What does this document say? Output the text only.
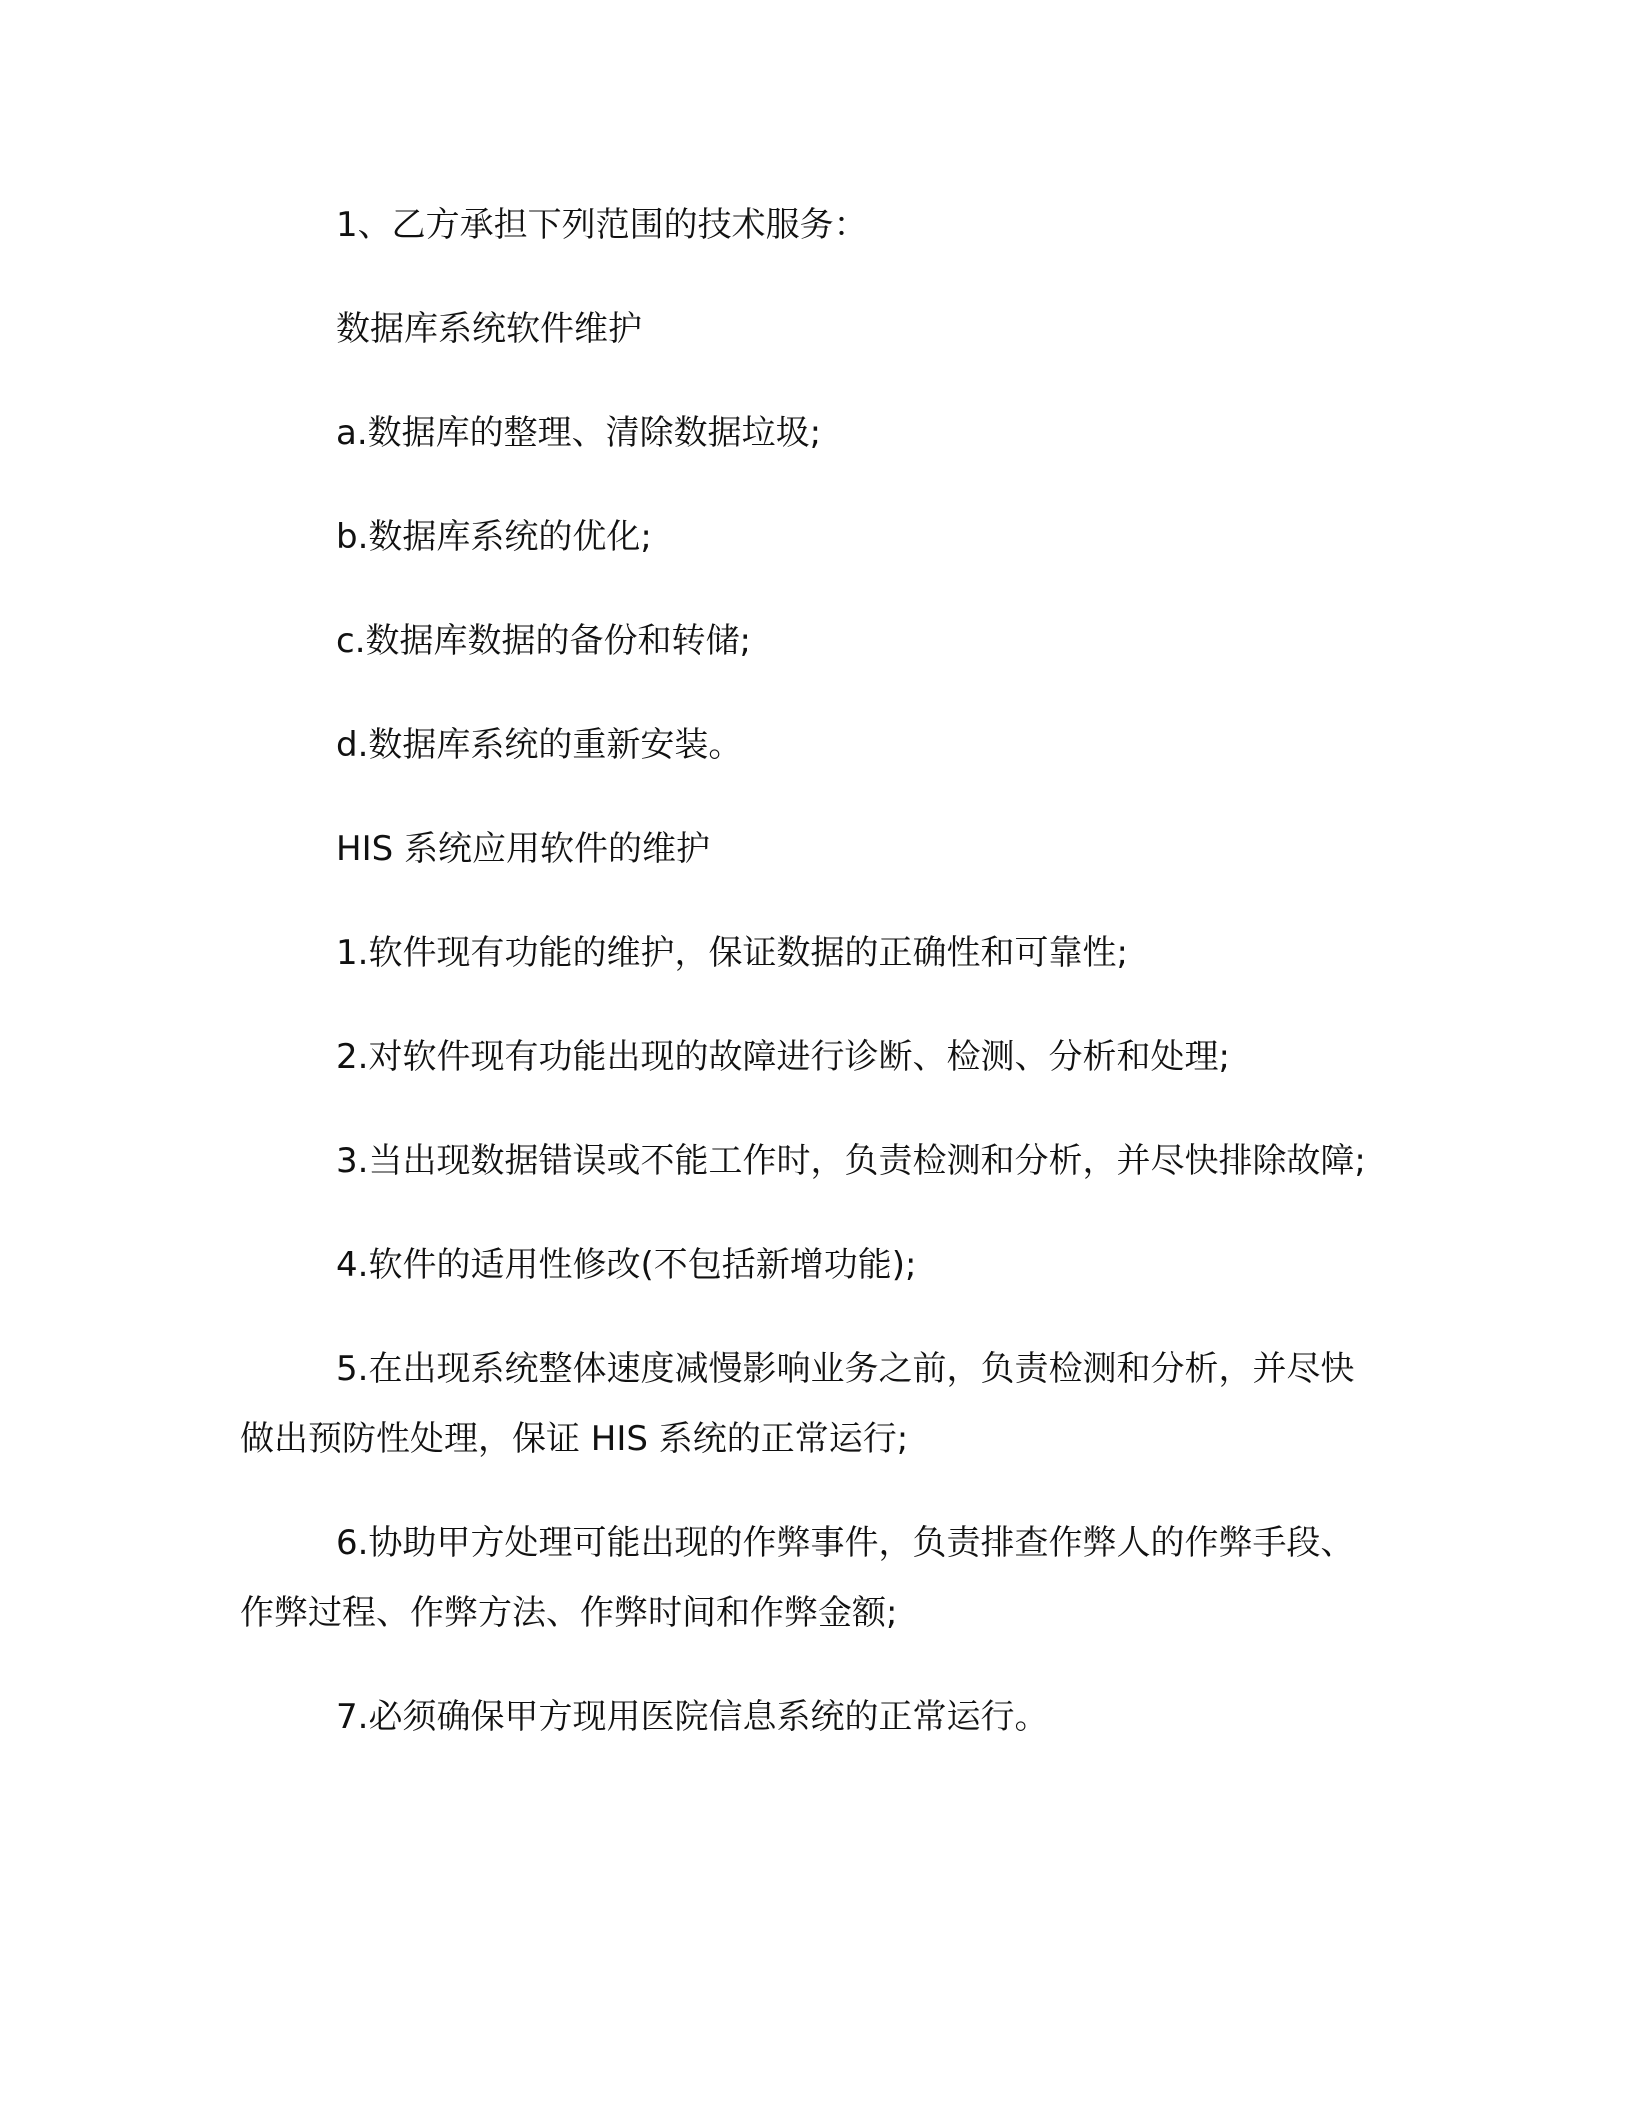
1、乙方承担下列范围的技术服务：

数据库系统软件维护

a.数据库的整理、清除数据垃圾;

b.数据库系统的优化;

c.数据库数据的备份和转储;

d.数据库系统的重新安装。

HIS 系统应用软件的维护

1.软件现有功能的维护，保证数据的正确性和可靠性;

2.对软件现有功能出现的故障进行诊断、检测、分析和处理;

3.当出现数据错误或不能工作时，负责检测和分析，并尽快排除故障;

4.软件的适用性修改(不包括新增功能);

5.在出现系统整体速度减慢影响业务之前，负责检测和分析，并尽快做出预防性处理，保证 HIS 系统的正常运行;

6.协助甲方处理可能出现的作弊事件，负责排查作弊人的作弊手段、作弊过程、作弊方法、作弊时间和作弊金额;

7.必须确保甲方现用医院信息系统的正常运行。
